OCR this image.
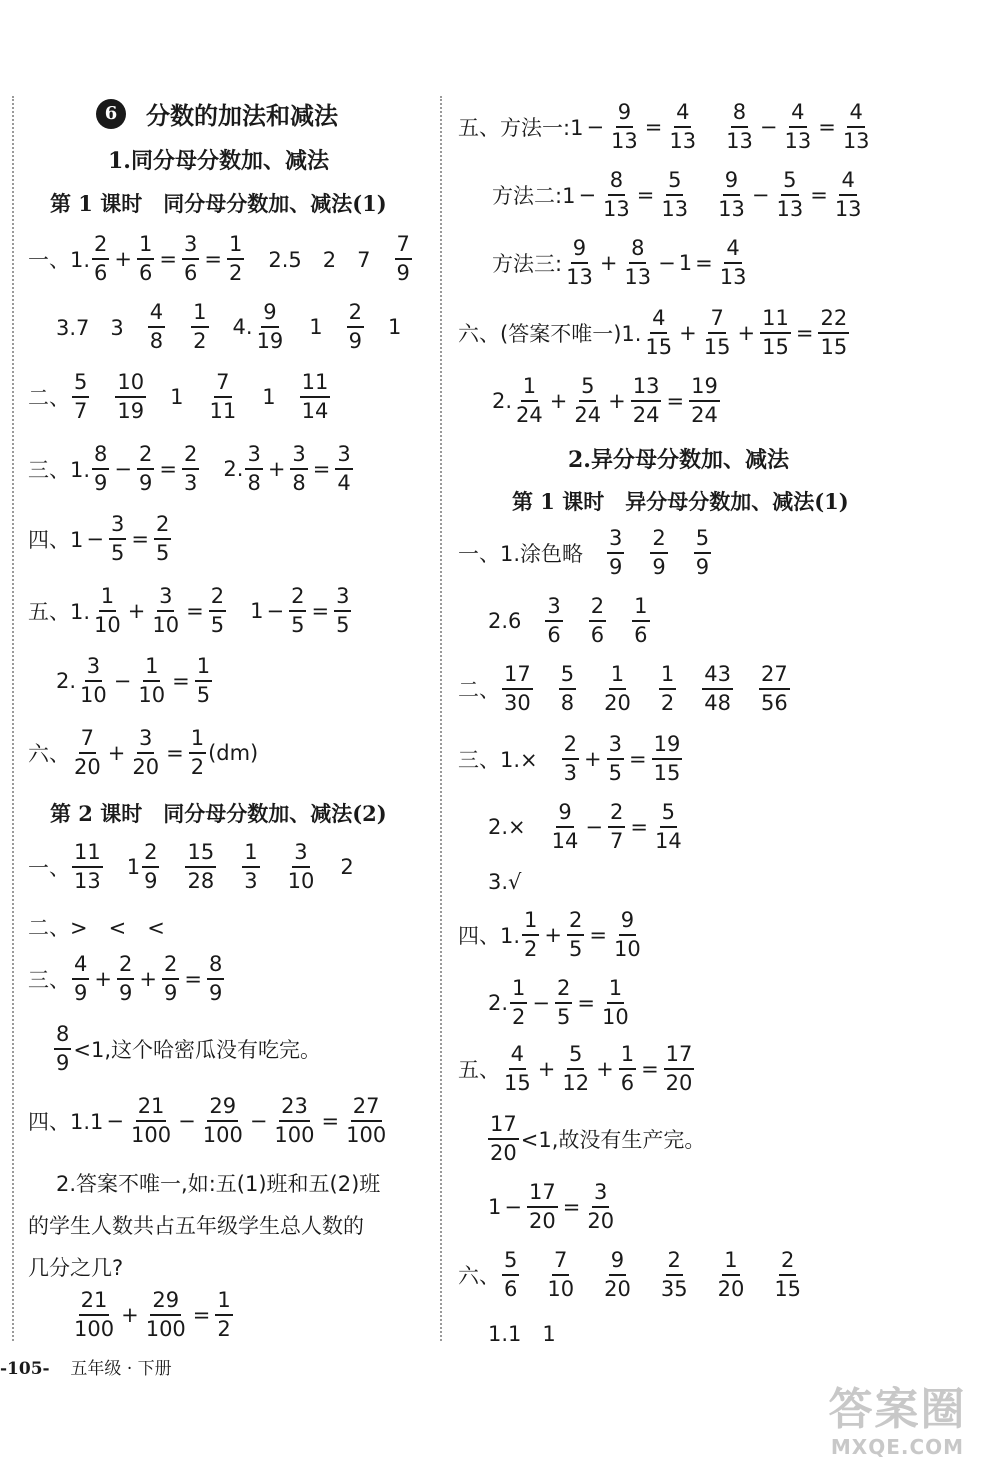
6	分数的加法和减法
1.同分母分数加、减法
第 1 课时　同分母分数加、减法(1)
一、1. $\frac{2}{6} + \frac{1}{6} = \frac{3}{6} = \frac{1}{2} 2.5$　2　$7 \frac{7}{9}$
3.7　$3 \frac{4}{8} \frac{1}{2} 4$. $\frac{9}{19} 1 \frac{2}{9} 1$
二、 $\frac{5}{7} \frac{10}{19} 1 \frac{7}{11} 1 \frac{11}{14}$
三、1. $\frac{8}{9} - \frac{2}{9} = \frac{2}{3} 2$. $\frac{3}{8} + \frac{3}{8} = \frac{3}{4}$
四、$1 - \frac{3}{5} = \frac{2}{5}$
五、1. $\frac{1}{10} + \frac{3}{10} = \frac{2}{5} 1 - \frac{2}{5} = \frac{3}{5}$
2. $\frac{3}{10} - \frac{1}{10} = \frac{1}{5}$
六、 $\frac{7}{20} + \frac{3}{20} = \frac{1}{2} (dm)$
第 2 课时　同分母分数加、减法(2)
一、 $\frac{11}{13} 1 \frac{2}{9} \frac{15}{28} \frac{1}{3} \frac{3}{10} 2$
二、>　<　<
三、 $\frac{4}{9} + \frac{2}{9} + \frac{2}{9} = \frac{8}{9}$
$\frac{8}{9} <1$,这个哈密瓜没有吃完。
四、$1.1 - \frac{21}{100} - \frac{29}{100} - \frac{23}{100} = \frac{27}{100}$
2.答案不唯一,如:五(1)班和五(2)班
的学生人数共占五年级学生总人数的
几分之几?
$\frac{21}{100} + \frac{29}{100} = \frac{1}{2}$
五、方法一:1 − $\frac{9}{13} = \frac{4}{13} \frac{8}{13} - \frac{4}{13} = \frac{4}{13}$
方法二:1 − $\frac{8}{13} = \frac{5}{13} \frac{9}{13} - \frac{5}{13} = \frac{4}{13}$
方法三: $\frac{9}{13} + \frac{8}{13} - 1 = \frac{4}{13}$
六、(答案不唯一)1. $\frac{4}{15} + \frac{7}{15} + \frac{11}{15} = \frac{22}{15}$
2. $\frac{1}{24} + \frac{5}{24} + \frac{13}{24} = \frac{19}{24}$
2.异分母分数加、减法
第 1 课时　异分母分数加、减法(1)
一、1.涂色略 $\frac{3}{9} \frac{2}{9} \frac{5}{9}$
$2.6 \frac{3}{6} \frac{2}{6} \frac{1}{6}$
二、 $\frac{17}{30} \frac{5}{8} \frac{1}{20} \frac{1}{2} \frac{43}{48} \frac{27}{56}$
三、$1.\times \frac{2}{3} + \frac{3}{5} = \frac{19}{15}$
$2.\times \frac{9}{14} - \frac{2}{7} = \frac{5}{14}$
3.√
四、1. $\frac{1}{2} + \frac{2}{5} = \frac{9}{10}$
2. $\frac{1}{2} - \frac{2}{5} = \frac{1}{10}$
五、 $\frac{4}{15} + \frac{5}{12} + \frac{1}{6} = \frac{17}{20}$
$\frac{17}{20} <1$,故没有生产完。
$1 - \frac{17}{20} = \frac{3}{20}$
六、 $\frac{5}{6} \frac{7}{10} \frac{9}{20} \frac{2}{35} \frac{1}{20} \frac{2}{15}$
1.1　1
-105- 五年级 · 下册
答案圈
MXQE.COM
